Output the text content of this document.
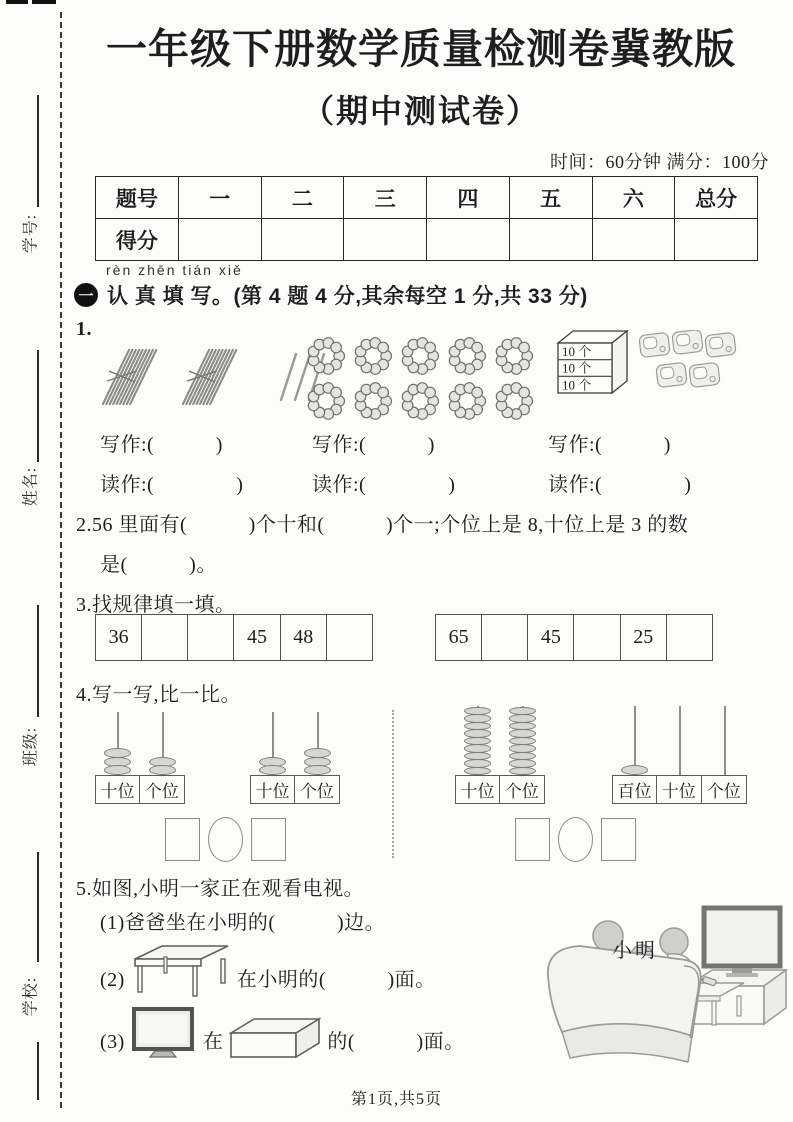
学号:
姓名:
班级:
学校:
一年级下册数学质量检测卷冀教版
（期中测试卷）
时间：60分钟 满分：100分
题号	一	二	三	四	五	六	总分
得分							
rèn zhēn tián xiě
一 认 真 填 写。(第 4 题 4 分,其余每空 1 分,共 33 分)
1.
10 个
10 个
10 个
写作:(　　　)	写作:(　　　)	写作:(　　　)
读作:(　　　　)	读作:(　　　　)	读作:(　　　　)
2.56 里面有(　　　)个十和(　　　)个一;个位上是 8,十位上是 3 的数
是(　　　)。
3.找规律填一填。
36			45	48		65		45		25	
4.写一写,比一比。
十位 个位	十位 个位	十位 个位	百位 十位 个位
5.如图,小明一家正在观看电视。
(1)爸爸坐在小明的(　　　)边。
(2)	在小明的(　　　)面。
(3)	在	的(　　　)面。
小明
第1页,共5页
